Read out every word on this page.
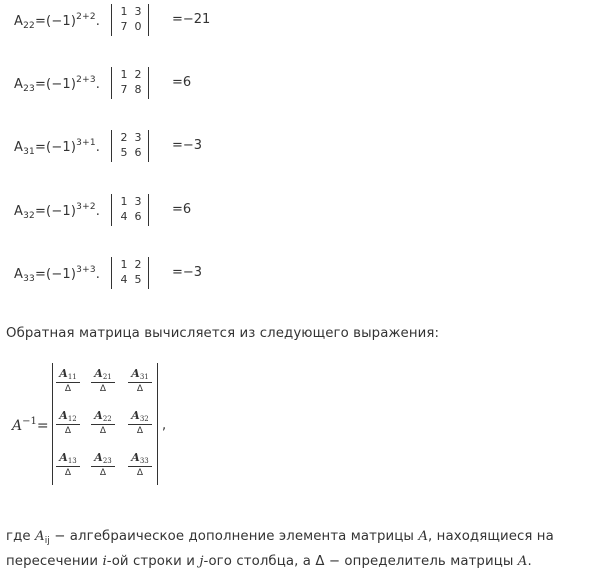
$A_{22}=(-1)^{2+2}$.
1 3
7 0 =−21
$A_{23}=(-1)^{2+3}$.
1 2
7 8 =6
$A_{31}=(-1)^{3+1}$.
2 3
5 6 =−3
$A_{32}=(-1)^{3+2}$.
1 3
4 6 =6
$A_{33}=(-1)^{3+3}$.
1 2
4 5 =−3
Обратная матрица вычисляется из следующего выражения:
$A^{-1}=$
$A_{11}$
Δ
$A_{21}$
Δ
$A_{31}$
Δ
$A_{12}$
Δ
$A_{22}$
Δ
$A_{32}$
Δ
$A_{13}$
Δ
$A_{23}$
Δ
$A_{33}$
Δ
,
где $A_{ij}$ − алгебраическое дополнение элемента матрицы A, находящиеся на
пересечении i-ой строки и j-ого столбца, а Δ − определитель матрицы A.
